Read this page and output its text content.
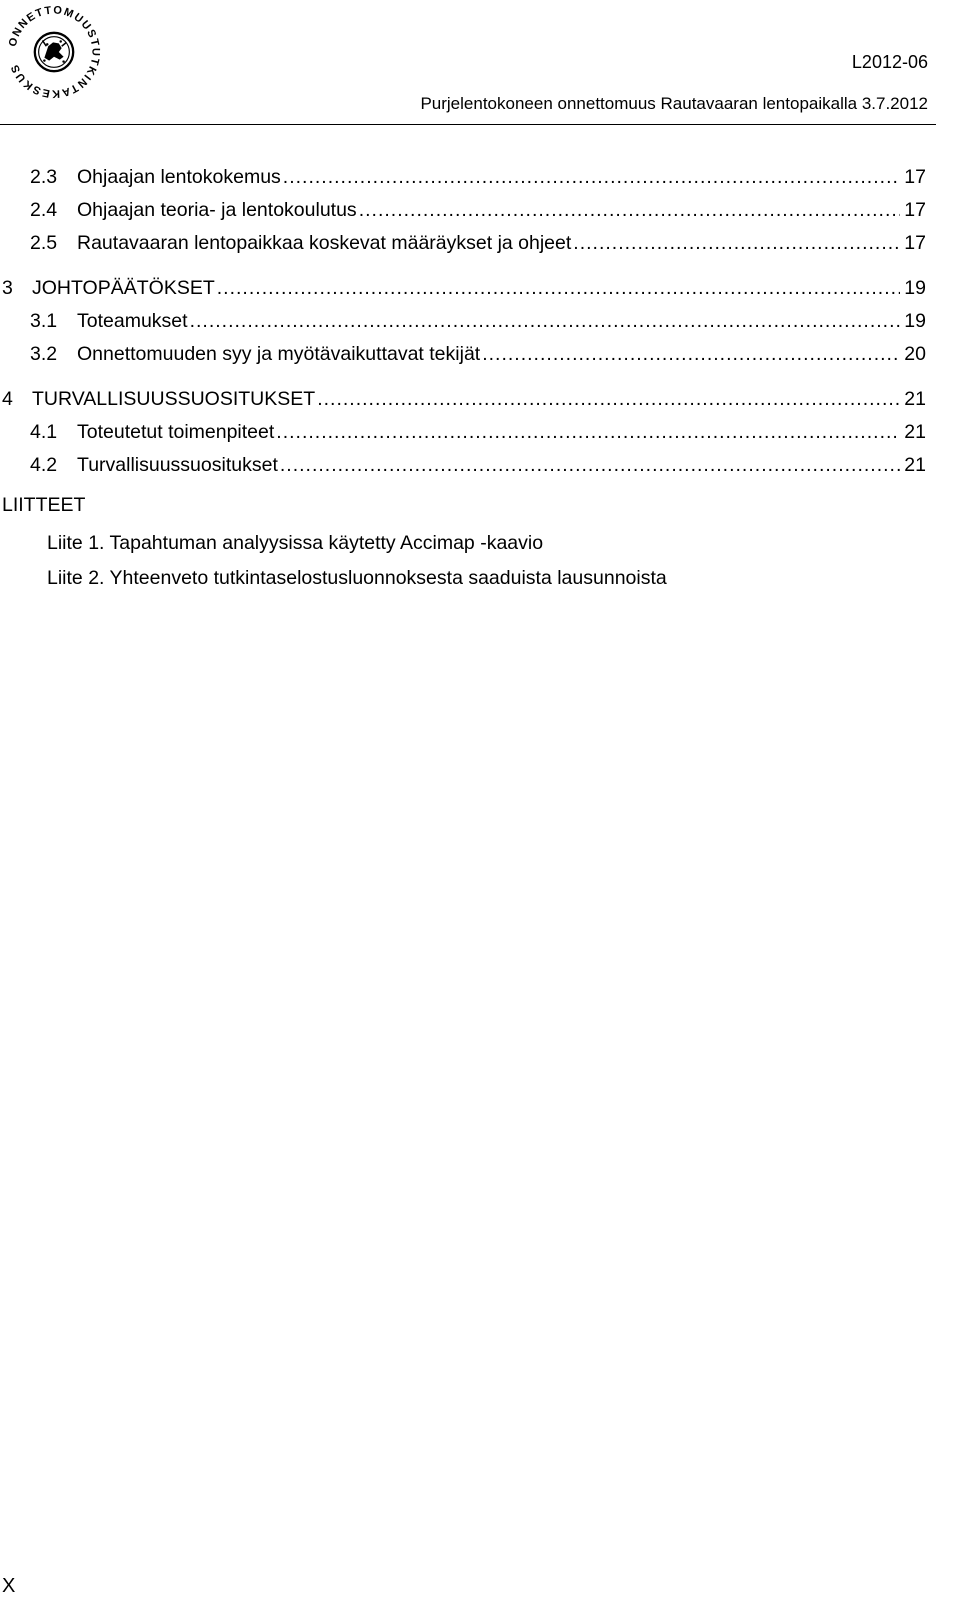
ONNETTOMUUSTUTKINTAKESKUS	L2012-06
Purjelentokoneen onnettomuus Rautavaaran lentopaikalla 3.7.2012
2.3	Ohjaajan lentokokemus .....	17
2.4	Ohjaajan teoria- ja lentokoulutus .....	17
2.5	Rautavaaran lentopaikkaa koskevat määräykset ja ohjeet .....	17
3 JOHTOPÄÄTÖKSET .....	19
3.1	Toteamukset .....	19
3.2	Onnettomuuden syy ja myötävaikuttavat tekijät .....	20
4 TURVALLISUUSSUOSITUKSET .....	21
4.1	Toteutetut toimenpiteet .....	21
4.2	Turvallisuussuositukset .....	21
LIITTEET
Liite 1. Tapahtuman analyysissa käytetty Accimap -kaavio
Liite 2. Yhteenveto tutkintaselostusluonnoksesta saaduista lausunnoista
X
